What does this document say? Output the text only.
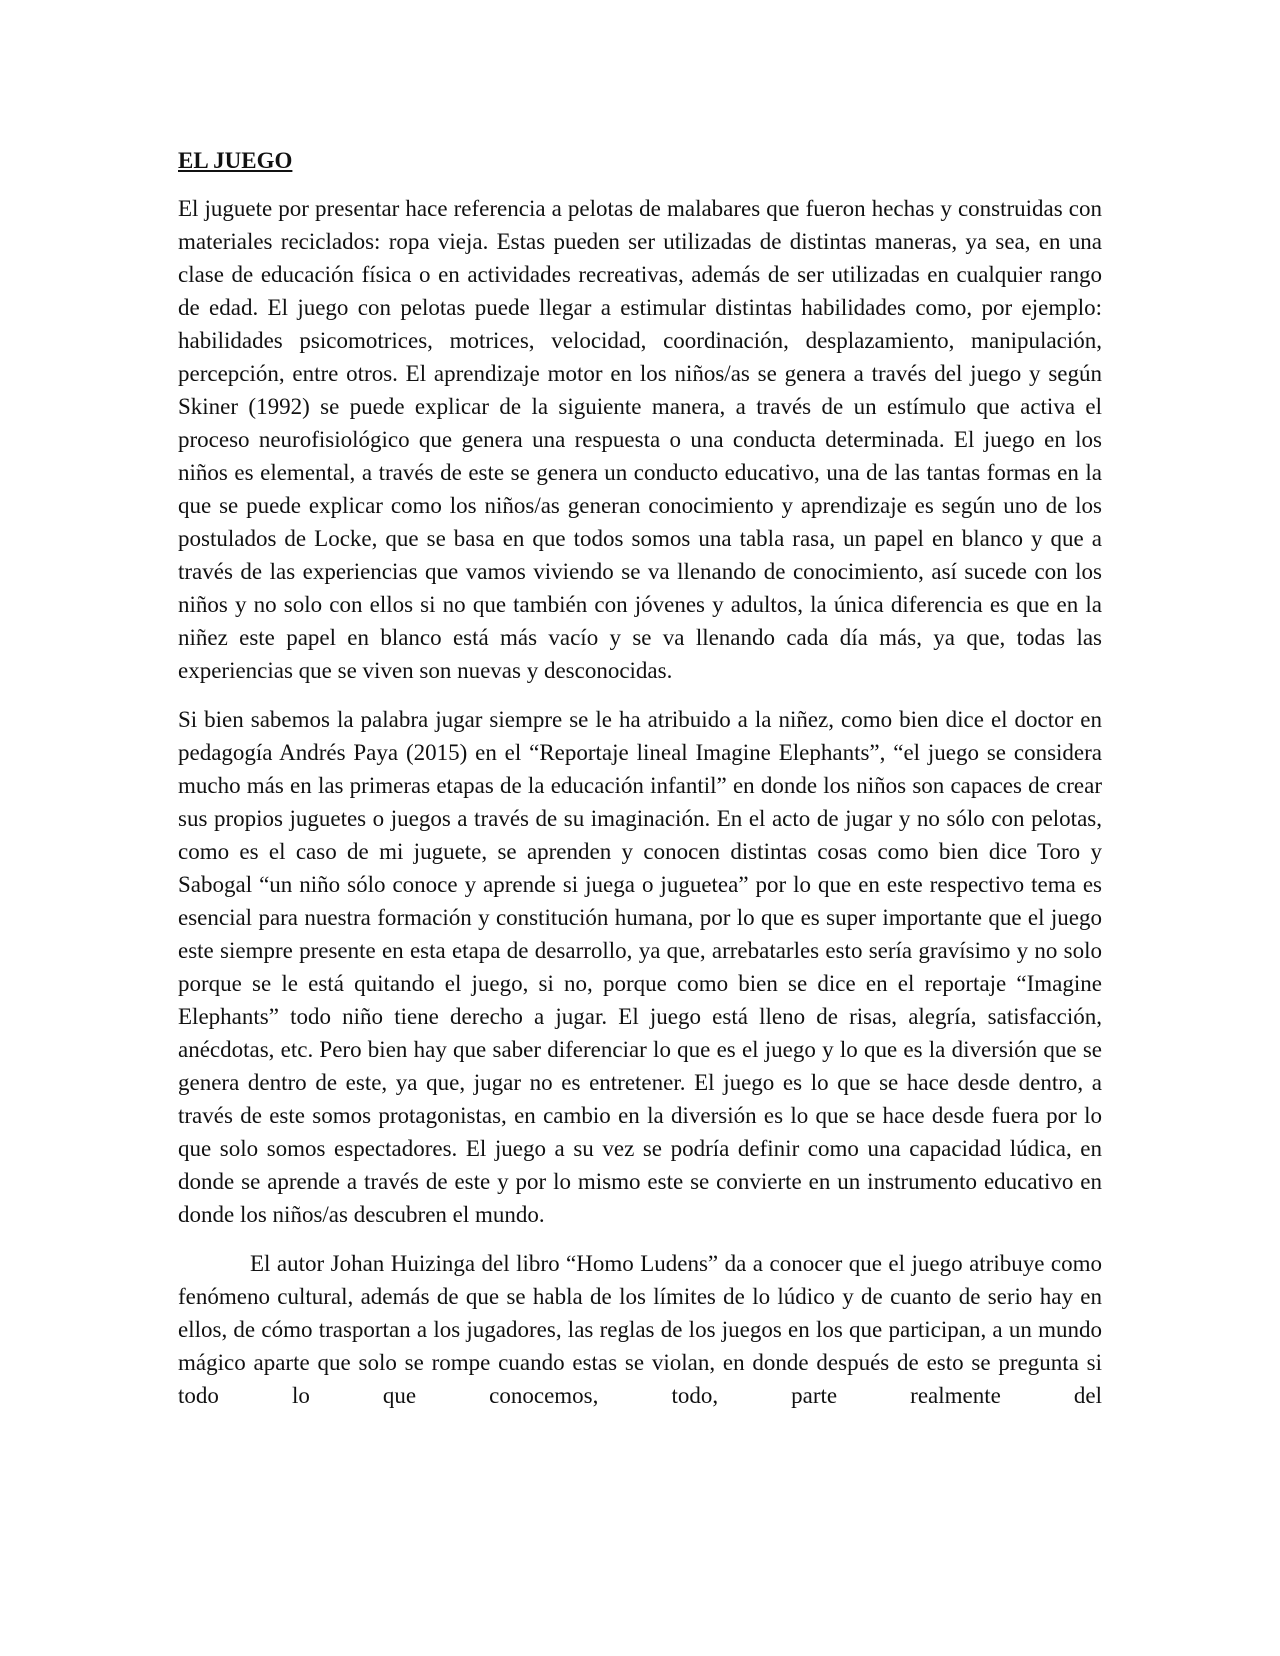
EL JUEGO

El juguete por presentar hace referencia a pelotas de malabares que fueron hechas y construidas con materiales reciclados: ropa vieja. Estas pueden ser utilizadas de distintas maneras, ya sea, en una clase de educación física o en actividades recreativas, además de ser utilizadas en cualquier rango de edad. El juego con pelotas puede llegar a estimular distintas habilidades como, por ejemplo: habilidades psicomotrices, motrices, velocidad, coordinación, desplazamiento, manipulación, percepción, entre otros. El aprendizaje motor en los niños/as se genera a través del juego y según Skiner (1992) se puede explicar de la siguiente manera, a través de un estímulo que activa el proceso neurofisiológico que genera una respuesta o una conducta determinada. El juego en los niños es elemental, a través de este se genera un conducto educativo, una de las tantas formas en la que se puede explicar como los niños/as generan conocimiento y aprendizaje es según uno de los postulados de Locke, que se basa en que todos somos una tabla rasa, un papel en blanco y que a través de las experiencias que vamos viviendo se va llenando de conocimiento, así sucede con los niños y no solo con ellos si no que también con jóvenes y adultos, la única diferencia es que en la niñez este papel en blanco está más vacío y se va llenando cada día más, ya que, todas las experiencias que se viven son nuevas y desconocidas.

Si bien sabemos la palabra jugar siempre se le ha atribuido a la niñez, como bien dice el doctor en pedagogía Andrés Paya (2015) en el “Reportaje lineal Imagine Elephants”, “el juego se considera mucho más en las primeras etapas de la educación infantil” en donde los niños son capaces de crear sus propios juguetes o juegos a través de su imaginación. En el acto de jugar y no sólo con pelotas, como es el caso de mi juguete, se aprenden y conocen distintas cosas como bien dice Toro y Sabogal “un niño sólo conoce y aprende si juega o juguetea” por lo que en este respectivo tema es esencial para nuestra formación y constitución humana, por lo que es super importante que el juego este siempre presente en esta etapa de desarrollo, ya que, arrebatarles esto sería gravísimo y no solo porque se le está quitando el juego, si no, porque como bien se dice en el reportaje “Imagine Elephants” todo niño tiene derecho a jugar. El juego está lleno de risas, alegría, satisfacción, anécdotas, etc. Pero bien hay que saber diferenciar lo que es el juego y lo que es la diversión que se genera dentro de este, ya que, jugar no es entretener. El juego es lo que se hace desde dentro, a través de este somos protagonistas, en cambio en la diversión es lo que se hace desde fuera por lo que solo somos espectadores. El juego a su vez se podría definir como una capacidad lúdica, en donde se aprende a través de este y por lo mismo este se convierte en un instrumento educativo en donde los niños/as descubren el mundo.

El autor Johan Huizinga del libro “Homo Ludens” da a conocer que el juego atribuye como fenómeno cultural, además de que se habla de los límites de lo lúdico y de cuanto de serio hay en ellos, de cómo trasportan a los jugadores, las reglas de los juegos en los que participan, a un mundo mágico aparte que solo se rompe cuando estas se violan, en donde después de esto se pregunta si todo lo que conocemos, todo, parte realmente del
